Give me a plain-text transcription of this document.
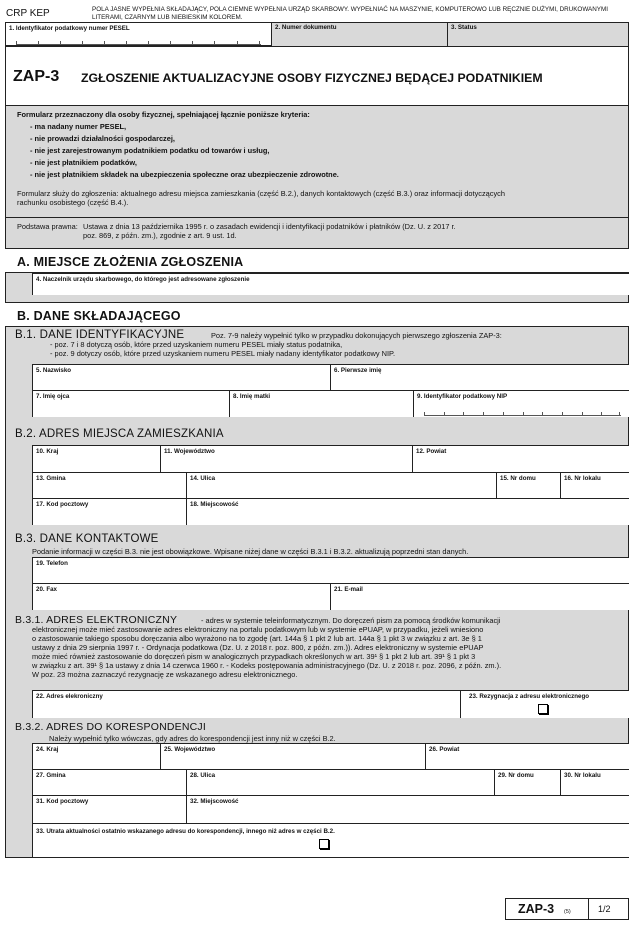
CRP KEP	POLA JASNE WYPEŁNIA SKŁADAJĄCY, POLA CIEMNE WYPEŁNIA URZĄD SKARBOWY. WYPEŁNIAĆ NA MASZYNIE, KOMPUTEROWO LUB RĘCZNIE DUŻYMI, DRUKOWANYMI LITERAMI, CZARNYM LUB NIEBIESKIM KOLOREM.
1. Identyfikator podatkowy numer PESEL	2. Numer dokumentu	3. Status
ZAP-3 ZGŁOSZENIE AKTUALIZACYJNE OSOBY FIZYCZNEJ BĘDĄCEJ PODATNIKIEM
Formularz przeznaczony dla osoby fizycznej, spełniającej łącznie poniższe kryteria:
- ma nadany numer PESEL,
- nie prowadzi działalności gospodarczej,
- nie jest zarejestrowanym podatnikiem podatku od towarów i usług,
- nie jest płatnikiem podatków,
- nie jest płatnikiem składek na ubezpieczenia społeczne oraz ubezpieczenie zdrowotne.
Formularz służy do zgłoszenia: aktualnego adresu miejsca zamieszkania (część B.2.), danych kontaktowych (część B.3.) oraz informacji dotyczących
rachunku osobistego (część B.4.).
Podstawa prawna: Ustawa z dnia 13 października 1995 r. o zasadach ewidencji i identyfikacji podatników i płatników (Dz. U. z 2017 r.
poz. 869, z późn. zm.), zgodnie z art. 9 ust. 1d.
A. MIEJSCE ZŁOŻENIA ZGŁOSZENIA
4. Naczelnik urzędu skarbowego, do którego jest adresowane zgłoszenie
B. DANE SKŁADAJĄCEGO
B.1. DANE IDENTYFIKACYJNE	Poz. 7-9 należy wypełnić tylko w przypadku dokonujących pierwszego zgłoszenia ZAP-3:
- poz. 7 i 8 dotyczą osób, które przed uzyskaniem numeru PESEL miały status podatnika,
- poz. 9 dotyczy osób, które przed uzyskaniem numeru PESEL miały nadany identyfikator podatkowy NIP.
5. Nazwisko	6. Pierwsze imię
7. Imię ojca	8. Imię matki	9. Identyfikator podatkowy NIP
B.2. ADRES MIEJSCA ZAMIESZKANIA
10. Kraj	11. Województwo	12. Powiat
13. Gmina	14. Ulica	15. Nr domu	16. Nr lokalu
17. Kod pocztowy	18. Miejscowość
B.3. DANE KONTAKTOWE
Podanie informacji w części B.3. nie jest obowiązkowe. Wpisane niżej dane w części B.3.1 i B.3.2. aktualizują poprzedni stan danych.
19. Telefon
20. Fax	21. E-mail
B.3.1. ADRES ELEKTRONICZNY	- adres w systemie teleinformatycznym. Do doręczeń pism za pomocą środków komunikacji
elektronicznej może mieć zastosowanie adres elektroniczny na portalu podatkowym lub w systemie ePUAP, w przypadku, jeżeli wniesiono
o zastosowanie takiego sposobu doręczania albo wyrażono na to zgodę (art. 144a § 1 pkt 2 lub art. 144a § 1 pkt 3 w związku z art. 3e § 1
ustawy z dnia 29 sierpnia 1997 r. - Ordynacja podatkowa (Dz. U. z 2018 r. poz. 800, z późn. zm.)). Adres elektroniczny w systemie ePUAP
może mieć również zastosowanie do doręczeń pism w analogicznych przypadkach określonych w art. 39¹ § 1 pkt 2 lub art. 39¹ § 1 pkt 3
w związku z art. 39¹ § 1a ustawy z dnia 14 czerwca 1960 r. - Kodeks postępowania administracyjnego (Dz. U. z 2018 r. poz. 2096, z późn. zm.).
W poz. 23 można zaznaczyć rezygnację ze wskazanego adresu elektronicznego.
22. Adres elekroniczny	23. Rezygnacja z adresu elektronicznego
B.3.2. ADRES DO KORESPONDENCJI
Należy wypełnić tylko wówczas, gdy adres do korespondencji jest inny niż w części B.2.
24. Kraj	25. Województwo	26. Powiat
27. Gmina	28. Ulica	29. Nr domu	30. Nr lokalu
31. Kod pocztowy	32. Miejscowość
33. Utrata aktualności ostatnio wskazanego adresu do korespondencji, innego niż adres w części B.2.
ZAP-3 (5)	1/2
